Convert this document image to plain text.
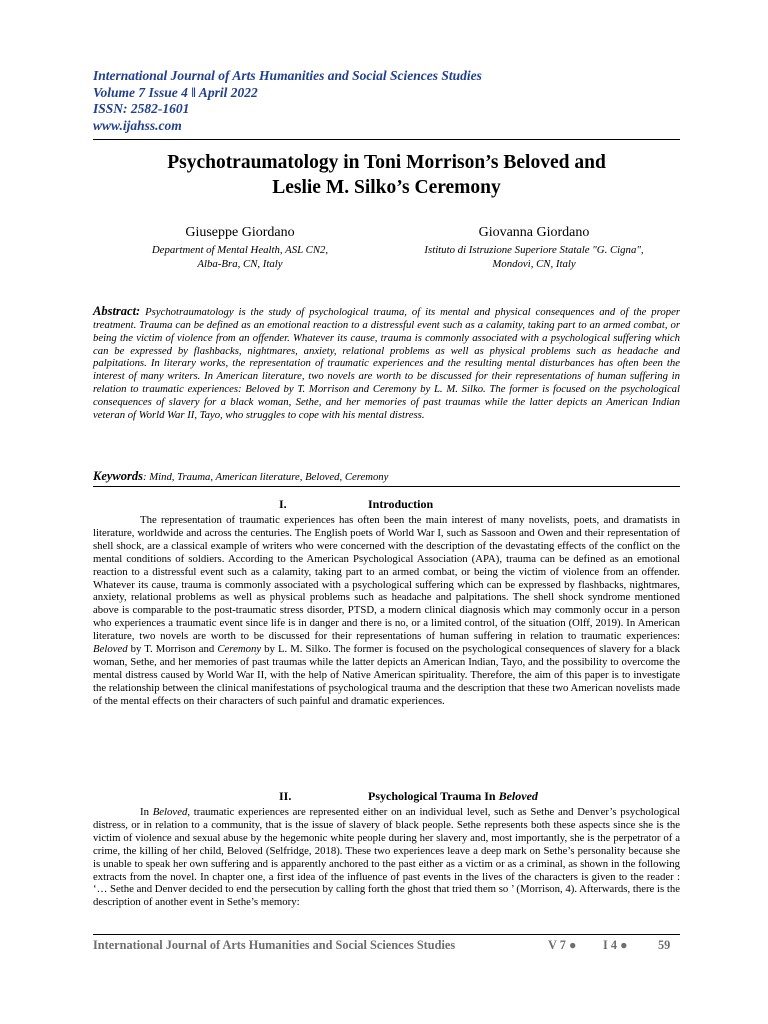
International Journal of Arts Humanities and Social Sciences Studies
Volume 7 Issue 4 ǁ April 2022
ISSN: 2582-1601
www.ijahss.com
Psychotraumatology in Toni Morrison’s Beloved and
Leslie M. Silko’s Ceremony
Giuseppe Giordano
Department of Mental Health, ASL CN2,
Alba-Bra, CN, Italy
Giovanna Giordano
Istituto di Istruzione Superiore Statale "G. Cigna",
Mondovì, CN, Italy

Abstract: Psychotraumatology is the study of psychological trauma, of its mental and physical consequences and of the proper treatment. Trauma can be defined as an emotional reaction to a distressful event such as a calamity, taking part to an armed combat, or being the victim of violence from an offender. Whatever its cause, trauma is commonly associated with a psychological suffering which can be expressed by flashbacks, nightmares, anxiety, relational problems as well as physical problems such as headache and palpitations. In literary works, the representation of traumatic experiences and the resulting mental disturbances has often been the interest of many writers. In American literature, two novels are worth to be discussed for their representations of human suffering in relation to traumatic experiences: Beloved by T. Morrison and Ceremony by L. M. Silko. The former is focused on the psychological consequences of slavery for a black woman, Sethe, and her memories of past traumas while the latter depicts an American Indian veteran of World War II, Tayo, who struggles to cope with his mental distress.

Keywords: Mind, Trauma, American literature, Beloved, Ceremony

I.	Introduction

The representation of traumatic experiences has often been the main interest of many novelists, poets, and dramatists in literature, worldwide and across the centuries. The English poets of World War I, such as Sassoon and Owen and their representation of shell shock, are a classical example of writers who were concerned with the description of the devastating effects of the conflict on the mental conditions of soldiers. According to the American Psychological Association (APA), trauma can be defined as an emotional reaction to a distressful event such as a calamity, taking part to an armed combat, or being the victim of violence from an offender. Whatever its cause, trauma is commonly associated with a psychological suffering which can be expressed by flashbacks, nightmares, anxiety, relational problems as well as physical problems such as headache and palpitations. The shell shock syndrome mentioned above is comparable to the post-traumatic stress disorder, PTSD, a modern clinical diagnosis which may commonly occur in a person who experiences a traumatic event since life is in danger and there is no, or a limited control, of the situation (Olff, 2019). In American literature, two novels are worth to be discussed for their representations of human suffering in relation to traumatic experiences: Beloved by T. Morrison and Ceremony by L. M. Silko. The former is focused on the psychological consequences of slavery for a black woman, Sethe, and her memories of past traumas while the latter depicts an American Indian, Tayo, and the possibility to overcome the mental distress caused by World War II, with the help of Native American spirituality. Therefore, the aim of this paper is to investigate the relationship between the clinical manifestations of psychological trauma and the description that these two American novelists made of the mental effects on their characters of such painful and dramatic experiences.

II.	Psychological Trauma In Beloved

In Beloved, traumatic experiences are represented either on an individual level, such as Sethe and Denver’s psychological distress, or in relation to a community, that is the issue of slavery of black people. Sethe represents both these aspects since she is the victim of violence and sexual abuse by the hegemonic white people during her slavery and, most importantly, she is the perpetrator of a crime, the killing of her child, Beloved (Selfridge, 2018). These two experiences leave a deep mark on Sethe’s personality because she is unable to speak her own suffering and is apparently anchored to the past either as a victim or as a criminal, as shown in the following extracts from the novel. In chapter one, a first idea of the influence of past events in the lives of the characters is given to the reader : ‘… Sethe and Denver decided to end the persecution by calling forth the ghost that tried them so ’ (Morrison, 4). Afterwards, there is the description of another event in Sethe’s memory:

International Journal of Arts Humanities and Social Sciences Studies	V 7 ● I 4 ● 59
